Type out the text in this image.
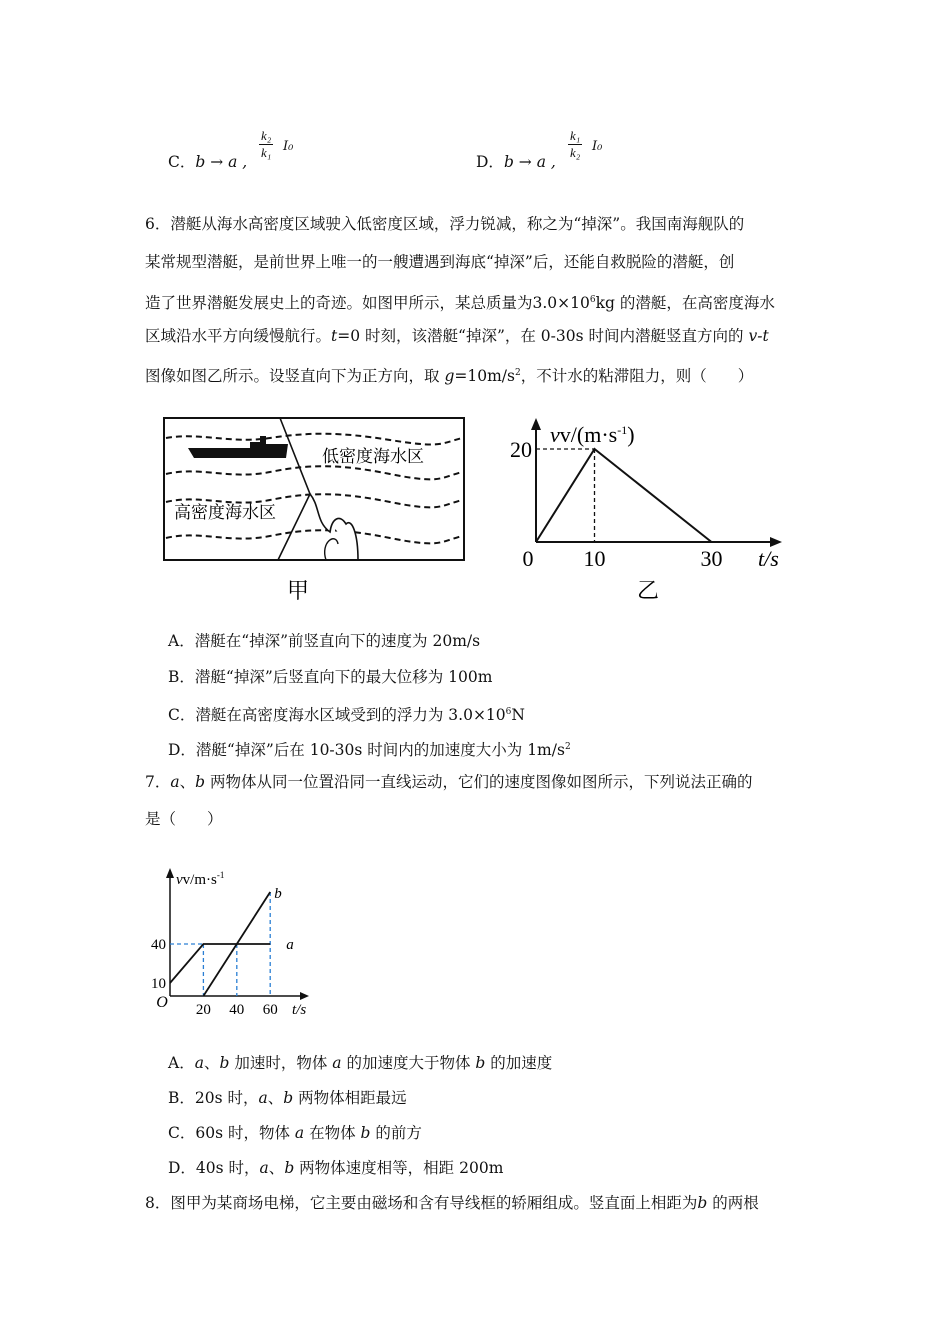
C．b → a ,
$\frac{\text{k₂}}{\text{k₁}} I_0$
D．b → a ,
$\frac{\text{k₁}}{\text{k₂}} I_0$
6．潜艇从海水高密度区域驶入低密度区域，浮力锐减，称之为“掉深”。我国南海舰队的
某常规型潜艇，是前世界上唯一的一艘遭遇到海底“掉深”后，还能自救脱险的潜艇，创
造了世界潜艇发展史上的奇迹。如图甲所示，某总质量为$3.0\times 10^6kg$ 的潜艇，在高密度海水
区域沿水平方向缓慢航行。t=0 时刻，该潜艇“掉深”，在 0-30s 时间内潜艇竖直方向的 v-t
图像如图乙所示。设竖直向下为正方向，取 $g=10m/s^2$，不计水的粘滞阻力，则（　　）
低密度海水区
高密度海水区
甲
$vv/(m\cdot s^{-1})$
t/s
0 10	30
20
乙
A．潜艇在“掉深”前竖直向下的速度为 20m/s
B．潜艇“掉深”后竖直向下的最大位移为 100m
C．潜艇在高密度海水区域受到的浮力为 $3.0\times 10^6N$
D．潜艇“掉深”后在 10-30s 时间内的加速度大小为 $1m/s^2$
7．a、b 两物体从同一位置沿同一直线运动，它们的速度图像如图所示，下列说法正确的
是（　　）
$vv/m\cdot s^{-1}$
t/s
O
a
b
20 40 60
10
40
A．a、b 加速时，物体 a 的加速度大于物体 b 的加速度
B．20s 时，a、b 两物体相距最远
C．60s 时，物体 a 在物体 b 的前方
D．40s 时，a、b 两物体速度相等，相距 200m
8．图甲为某商场电梯，它主要由磁场和含有导线框的轿厢组成。竖直面上相距为b 的两根
